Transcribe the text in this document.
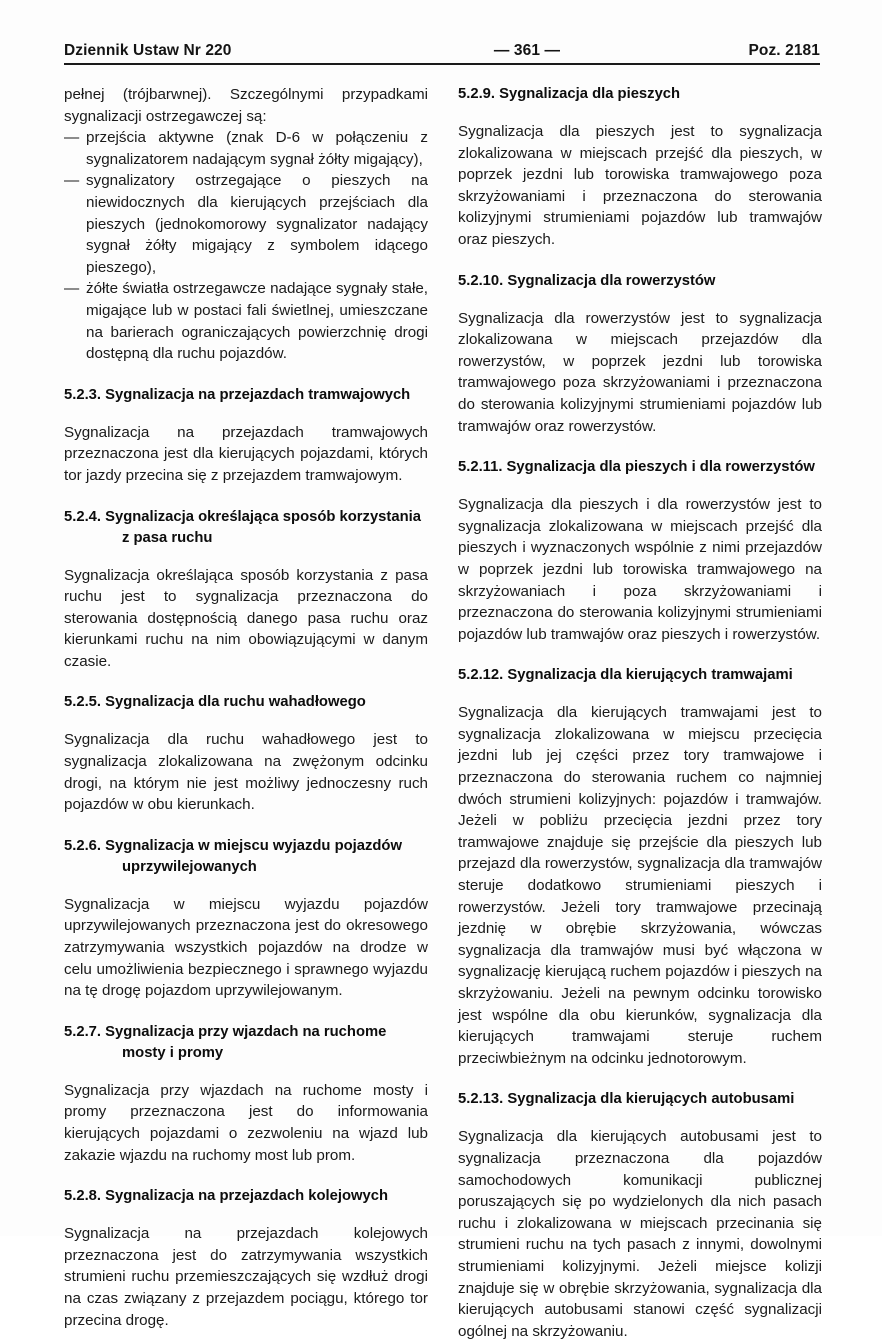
Dziennik Ustaw Nr 220	— 361 —	Poz. 2181

pełnej (trójbarwnej). Szczególnymi przypadkami sygnalizacji ostrzegawczej są:

— przejścia aktywne (znak D-6 w połączeniu z sygnalizatorem nadającym sygnał żółty migający),
— sygnalizatory ostrzegające o pieszych na niewidocznych dla kierujących przejściach dla pieszych (jednokomorowy sygnalizator nadający sygnał żółty migający z symbolem idącego pieszego),
— żółte światła ostrzegawcze nadające sygnały stałe, migające lub w postaci fali świetlnej, umieszczane na barierach ograniczających powierzchnię drogi dostępną dla ruchu pojazdów.
5.2.3. Sygnalizacja na przejazdach tramwajowych

Sygnalizacja na przejazdach tramwajowych przeznaczona jest dla kierujących pojazdami, których tor jazdy przecina się z przejazdem tramwajowym.

5.2.4. Sygnalizacja określająca sposób korzystania z pasa ruchu

Sygnalizacja określająca sposób korzystania z pasa ruchu jest to sygnalizacja przeznaczona do sterowania dostępnością danego pasa ruchu oraz kierunkami ruchu na nim obowiązującymi w danym czasie.

5.2.5. Sygnalizacja dla ruchu wahadłowego

Sygnalizacja dla ruchu wahadłowego jest to sygnalizacja zlokalizowana na zwężonym odcinku drogi, na którym nie jest możliwy jednoczesny ruch pojazdów w obu kierunkach.

5.2.6. Sygnalizacja w miejscu wyjazdu pojazdów uprzywilejowanych

Sygnalizacja w miejscu wyjazdu pojazdów uprzywilejowanych przeznaczona jest do okresowego zatrzymywania wszystkich pojazdów na drodze w celu umożliwienia bezpiecznego i sprawnego wyjazdu na tę drogę pojazdom uprzywilejowanym.

5.2.7. Sygnalizacja przy wjazdach na ruchome mosty i promy

Sygnalizacja przy wjazdach na ruchome mosty i promy przeznaczona jest do informowania kierujących pojazdami o zezwoleniu na wjazd lub zakazie wjazdu na ruchomy most lub prom.

5.2.8. Sygnalizacja na przejazdach kolejowych

Sygnalizacja na przejazdach kolejowych przeznaczona jest do zatrzymywania wszystkich strumieni ruchu przemieszczających się wzdłuż drogi na czas związany z przejazdem pociągu, którego tor przecina drogę.

5.2.9. Sygnalizacja dla pieszych

Sygnalizacja dla pieszych jest to sygnalizacja zlokalizowana w miejscach przejść dla pieszych, w poprzek jezdni lub torowiska tramwajowego poza skrzyżowaniami i przeznaczona do sterowania kolizyjnymi strumieniami pojazdów lub tramwajów oraz pieszych.

5.2.10. Sygnalizacja dla rowerzystów

Sygnalizacja dla rowerzystów jest to sygnalizacja zlokalizowana w miejscach przejazdów dla rowerzystów, w poprzek jezdni lub torowiska tramwajowego poza skrzyżowaniami i przeznaczona do sterowania kolizyjnymi strumieniami pojazdów lub tramwajów oraz rowerzystów.

5.2.11. Sygnalizacja dla pieszych i dla rowerzystów

Sygnalizacja dla pieszych i dla rowerzystów jest to sygnalizacja zlokalizowana w miejscach przejść dla pieszych i wyznaczonych wspólnie z nimi przejazdów w poprzek jezdni lub torowiska tramwajowego na skrzyżowaniach i poza skrzyżowaniami i przeznaczona do sterowania kolizyjnymi strumieniami pojazdów lub tramwajów oraz pieszych i rowerzystów.

5.2.12. Sygnalizacja dla kierujących tramwajami

Sygnalizacja dla kierujących tramwajami jest to sygnalizacja zlokalizowana w miejscu przecięcia jezdni lub jej części przez tory tramwajowe i przeznaczona do sterowania ruchem co najmniej dwóch strumieni kolizyjnych: pojazdów i tramwajów. Jeżeli w pobliżu przecięcia jezdni przez tory tramwajowe znajduje się przejście dla pieszych lub przejazd dla rowerzystów, sygnalizacja dla tramwajów steruje dodatkowo strumieniami pieszych i rowerzystów. Jeżeli tory tramwajowe przecinają jezdnię w obrębie skrzyżowania, wówczas sygnalizacja dla tramwajów musi być włączona w sygnalizację kierującą ruchem pojazdów i pieszych na skrzyżowaniu. Jeżeli na pewnym odcinku torowisko jest wspólne dla obu kierunków, sygnalizacja dla kierujących tramwajami steruje ruchem przeciwbieżnym na odcinku jednotorowym.

5.2.13. Sygnalizacja dla kierujących autobusami

Sygnalizacja dla kierujących autobusami jest to sygnalizacja przeznaczona dla pojazdów samochodowych komunikacji publicznej poruszających się po wydzielonych dla nich pasach ruchu i zlokalizowana w miejscach przecinania się strumieni ruchu na tych pasach z innymi, dowolnymi strumieniami kolizyjnymi. Jeżeli miejsce kolizji znajduje się w obrębie skrzyżowania, sygnalizacja dla kierujących autobusami stanowi część sygnalizacji ogólnej na skrzyżowaniu.
